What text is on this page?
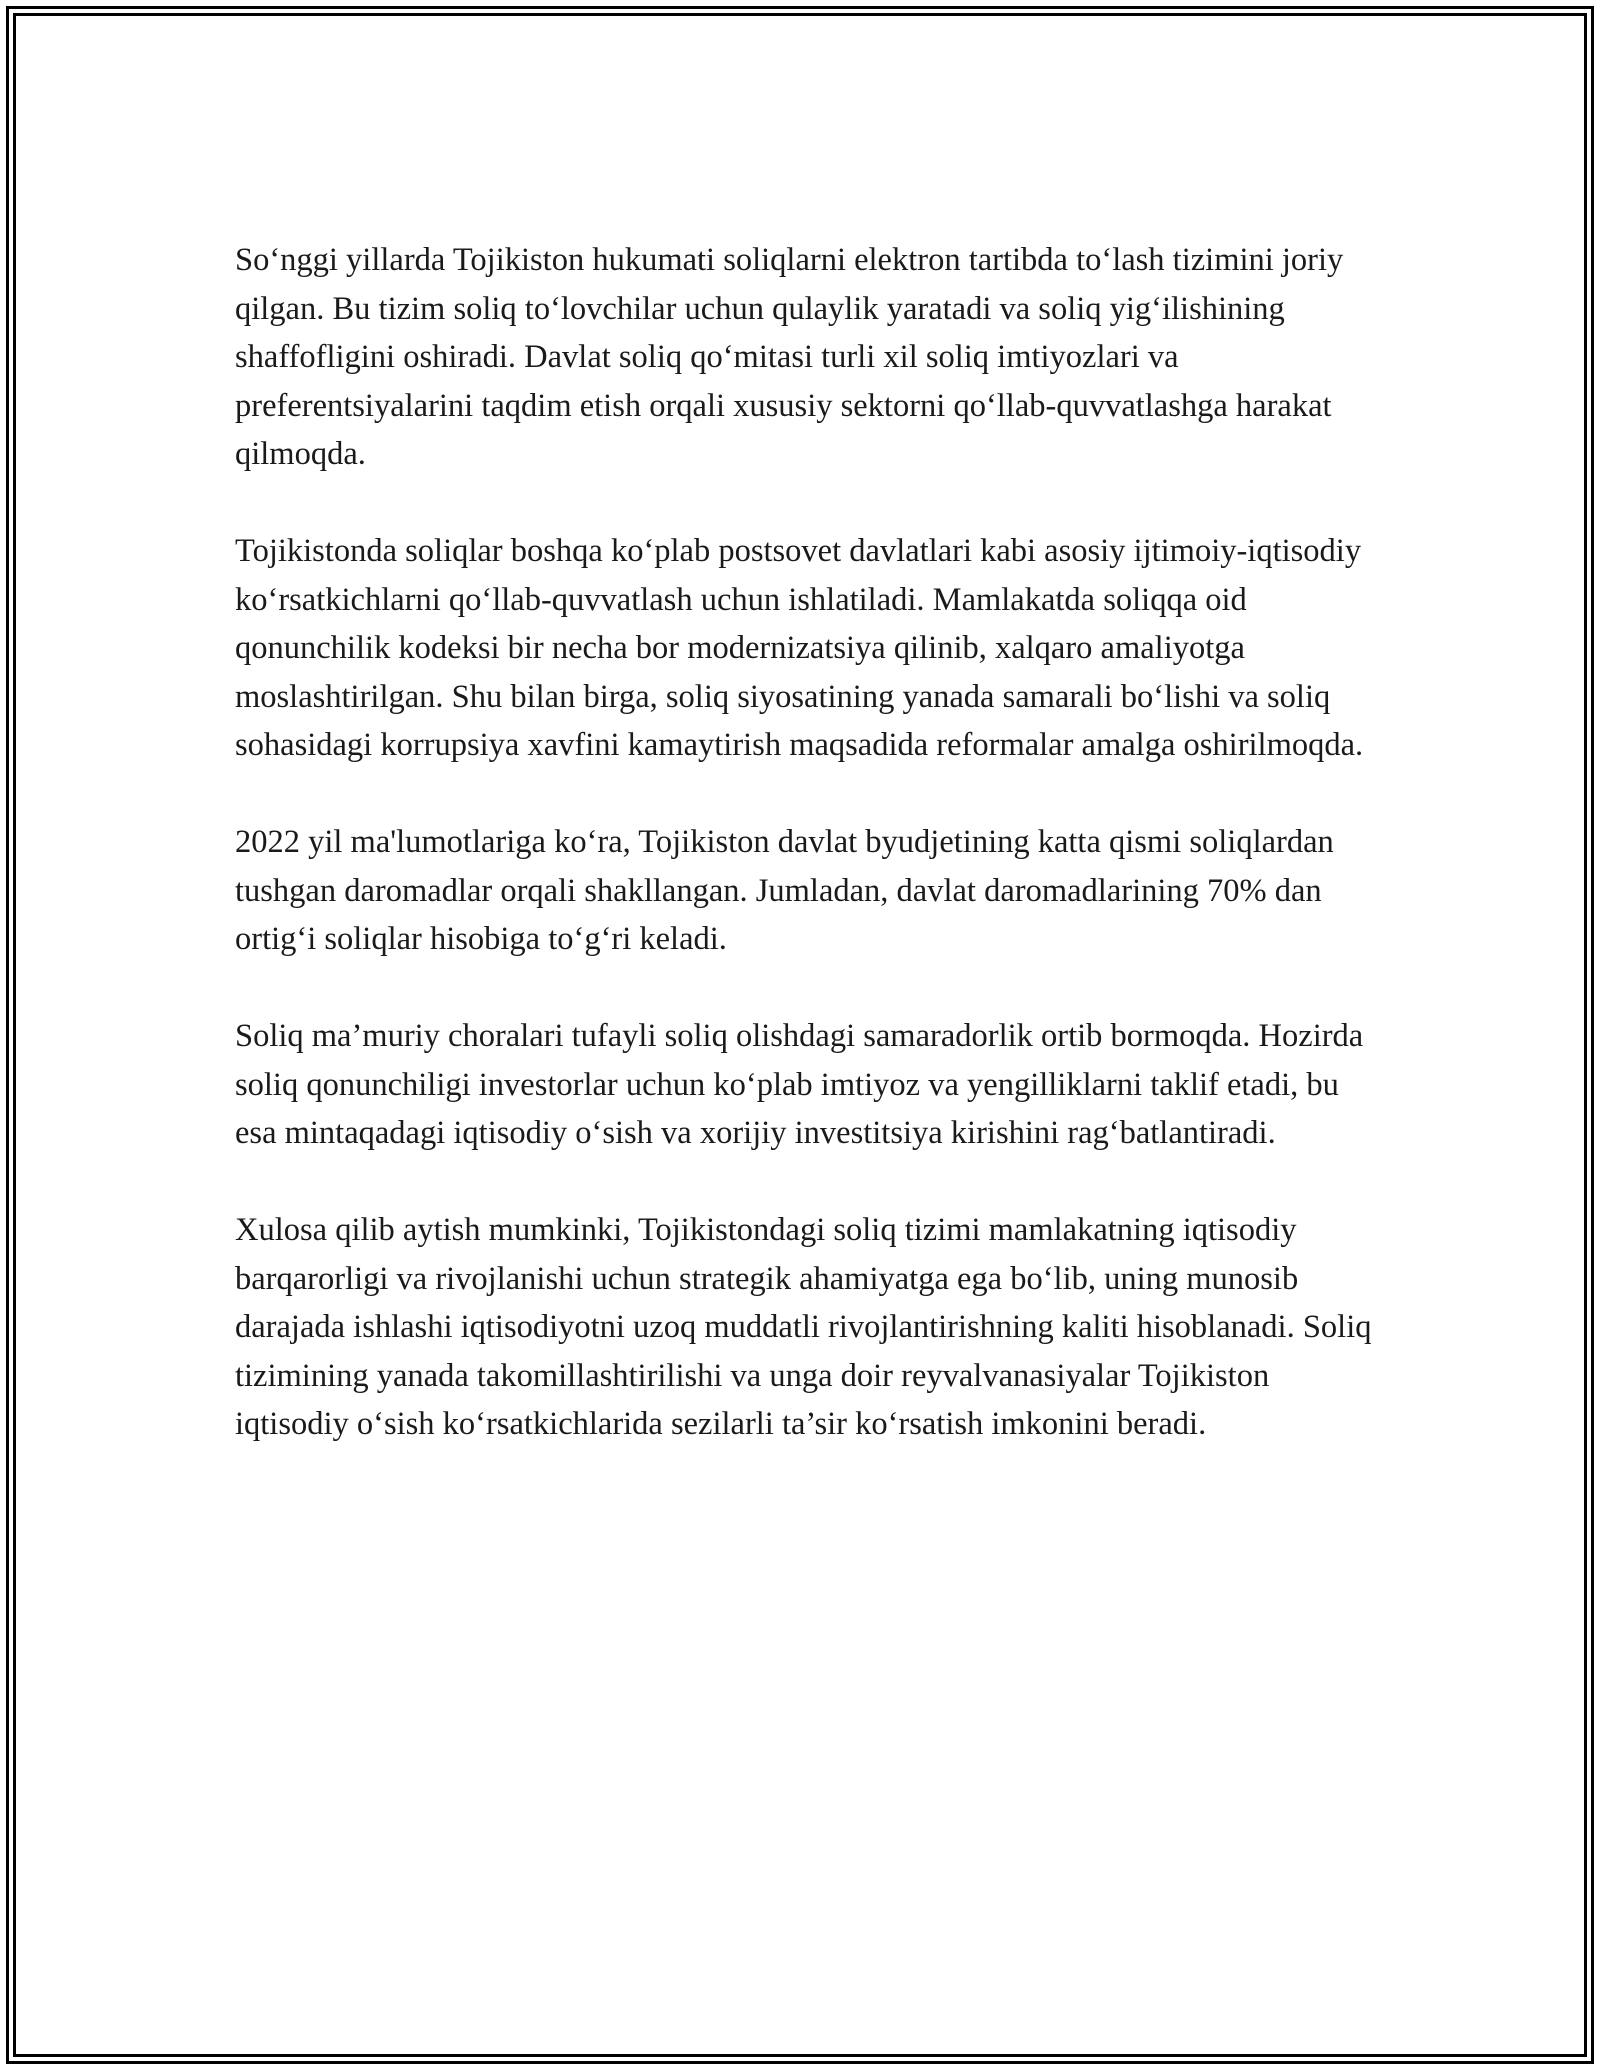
So‘nggi yillarda Tojikiston hukumati soliqlarni elektron tartibda to‘lash tizimini joriy qilgan. Bu tizim soliq to‘lovchilar uchun qulaylik yaratadi va soliq yig‘ilishining shaffofligini oshiradi. Davlat soliq qo‘mitasi turli xil soliq imtiyozlari va preferentsiyalarini taqdim etish orqali xususiy sektorni qo‘llab-quvvatlashga harakat qilmoqda.

Tojikistonda soliqlar boshqa ko‘plab postsovet davlatlari kabi asosiy ijtimoiy-iqtisodiy ko‘rsatkichlarni qo‘llab-quvvatlash uchun ishlatiladi. Mamlakatda soliqqa oid qonunchilik kodeksi bir necha bor modernizatsiya qilinib, xalqaro amaliyotga moslashtirilgan. Shu bilan birga, soliq siyosatining yanada samarali bo‘lishi va soliq sohasidagi korrupsiya xavfini kamaytirish maqsadida reformalar amalga oshirilmoqda.

2022 yil ma'lumotlariga ko‘ra, Tojikiston davlat byudjetining katta qismi soliqlardan tushgan daromadlar orqali shakllangan. Jumladan, davlat daromadlarining 70% dan ortig‘i soliqlar hisobiga to‘g‘ri keladi.

Soliq ma’muriy choralari tufayli soliq olishdagi samaradorlik ortib bormoqda. Hozirda soliq qonunchiligi investorlar uchun ko‘plab imtiyoz va yengilliklarni taklif etadi, bu esa mintaqadagi iqtisodiy o‘sish va xorijiy investitsiya kirishini rag‘batlantiradi.

Xulosa qilib aytish mumkinki, Tojikistondagi soliq tizimi mamlakatning iqtisodiy barqarorligi va rivojlanishi uchun strategik ahamiyatga ega bo‘lib, uning munosib darajada ishlashi iqtisodiyotni uzoq muddatli rivojlantirishning kaliti hisoblanadi. Soliq tizimining yanada takomillashtirilishi va unga doir reyvalvanasiyalar Tojikiston iqtisodiy o‘sish ko‘rsatkichlarida sezilarli ta’sir ko‘rsatish imkonini beradi.
